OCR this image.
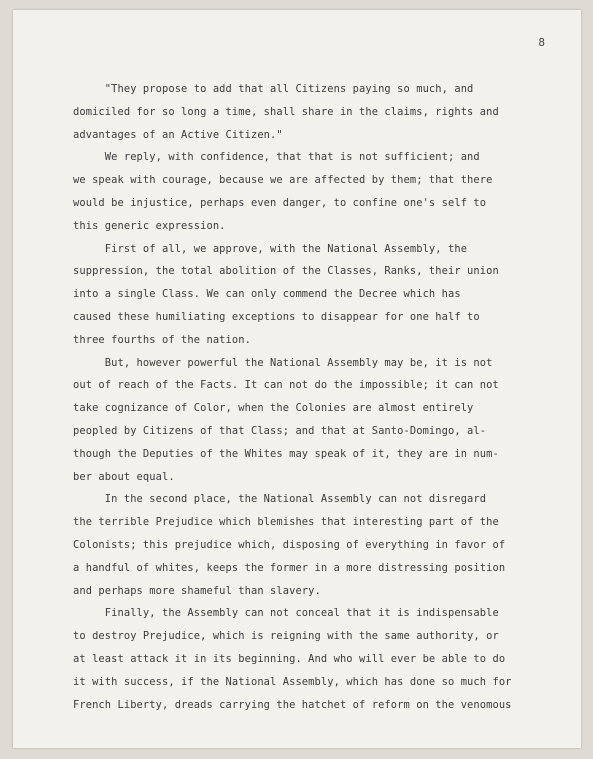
8
"They propose to add that all Citizens paying so much, and
domiciled for so long a time, shall share in the claims, rights and
advantages of an Active Citizen."
We reply, with confidence, that that is not sufficient; and
we speak with courage, because we are affected by them; that there
would be injustice, perhaps even danger, to confine one's self to
this generic expression.
First of all, we approve, with the National Assembly, the
suppression, the total abolition of the Classes, Ranks, their union
into a single Class. We can only commend the Decree which has
caused these humiliating exceptions to disappear for one half to
three fourths of the nation.
But, however powerful the National Assembly may be, it is not
out of reach of the Facts. It can not do the impossible; it can not
take cognizance of Color, when the Colonies are almost entirely
peopled by Citizens of that Class; and that at Santo-Domingo, al-
though the Deputies of the Whites may speak of it, they are in num-
ber about equal.
In the second place, the National Assembly can not disregard
the terrible Prejudice which blemishes that interesting part of the
Colonists; this prejudice which, disposing of everything in favor of
a handful of whites, keeps the former in a more distressing position
and perhaps more shameful than slavery.
Finally, the Assembly can not conceal that it is indispensable
to destroy Prejudice, which is reigning with the same authority, or
at least attack it in its beginning. And who will ever be able to do
it with success, if the National Assembly, which has done so much for
French Liberty, dreads carrying the hatchet of reform on the venomous
